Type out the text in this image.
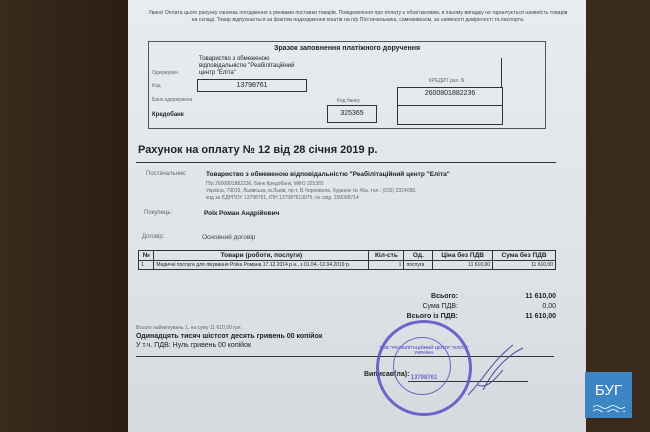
Увага! Оплата цього рахунку означає погодження з умовами поставки товарів. Повідомлення про оплату є обов'язковим, в іншому випадку не гарантується наявність товарів на складі. Товар відпускається за фактом надходження коштів на п/р Постачальника, самовивозом, за наявності довіреності та паспорта.
Зразок заповнення платіжного доручення
Товариство з обмеженою відповідальністю "Реабілітаційний центр "Еліта"
Одержувач
Код	13798761
Банк одержувача
Кредобанк
Код банку
325365
КРЕДИТ рах. N
2600801882236
Рахунок на оплату № 12 від 28 січня 2019 р.
Постачальник:	Товариство з обмеженою відповідальністю "Реабілітаційний центр "Еліта"
П/р 2600801882236, Банк Кредобанк, МФО 325365
Україна, 79019, Львівська, м.Львів, пр-т. В.Чорновола, будинок № 45а, тел.: (032) 2324098,
код за ЄДРПОУ 13798761, ІПН 137987613075, № свід. 200098714
Покупець:	Роїк Роман Андрійович
Договір:	Основний договір
№	Товари (роботи, послуги)	Кіл-сть	Од.	Ціна без ПДВ	Сума без ПДВ
1	Медичні послуги для лікування Роїка Романа 17.12.2014 р.н., з 01.04.-12.04.2019 р.	1	послуга	11 610,00	11 610,00
Всього:	11 610,00
Сума ПДВ:	0,00
Всього із ПДВ:	11 610,00
Всього найменувань 1, на суму 11 610,00 грн.
Одинадцять тисяч шістсот десять гривень 00 копійок
У т.ч. ПДВ: Нуль гривень 00 копійок
Виписав(ла):
ТОВ "РЕАБІЛІТАЦІЙНИЙ ЦЕНТР "ЕЛІТА" УКРАЇНА
13798761
БУГ
